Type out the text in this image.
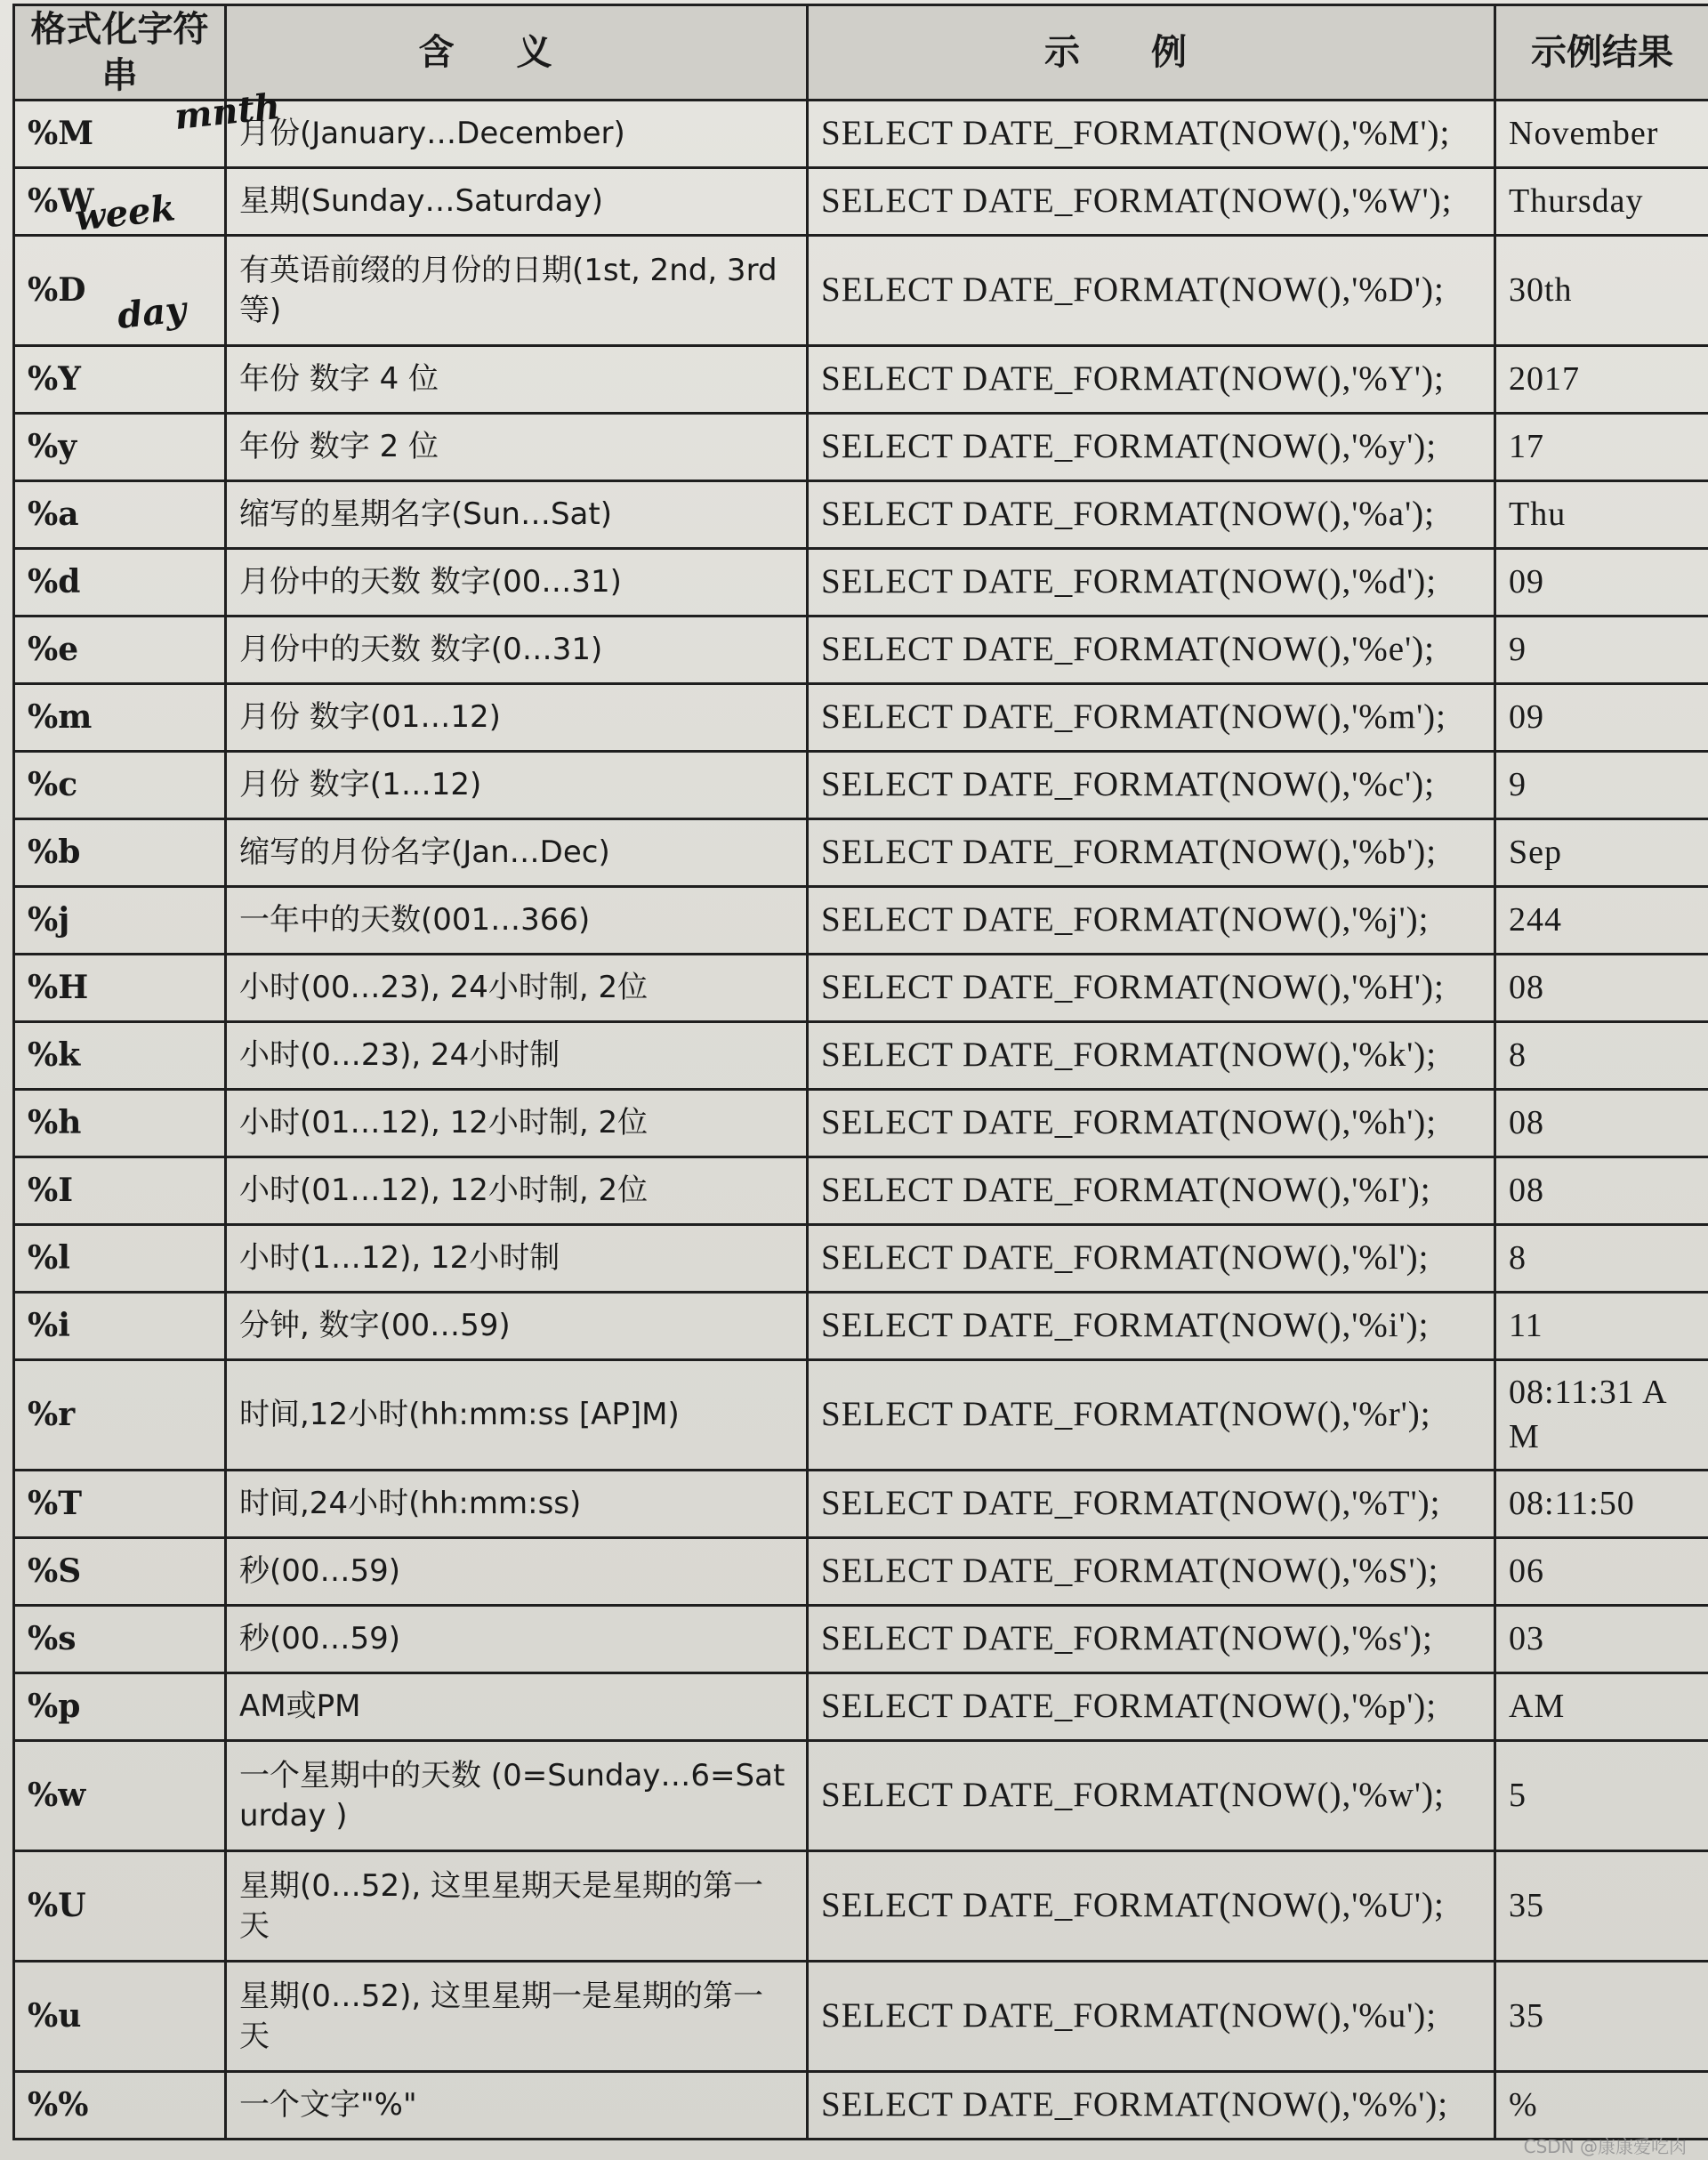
格式化字符串	含义	示例	示例结果
%M	月份(January…December)	SELECT DATE_FORMAT(NOW(),'%M');	November
%W	星期(Sunday…Saturday)	SELECT DATE_FORMAT(NOW(),'%W');	Thursday
%D	有英语前缀的月份的日期(1st, 2nd, 3rd等)	SELECT DATE_FORMAT(NOW(),'%D');	30th
%Y	年份 数字 4 位	SELECT DATE_FORMAT(NOW(),'%Y');	2017
%y	年份 数字 2 位	SELECT DATE_FORMAT(NOW(),'%y');	17
%a	缩写的星期名字(Sun…Sat)	SELECT DATE_FORMAT(NOW(),'%a');	Thu
%d	月份中的天数 数字(00…31)	SELECT DATE_FORMAT(NOW(),'%d');	09
%e	月份中的天数 数字(0…31)	SELECT DATE_FORMAT(NOW(),'%e');	9
%m	月份 数字(01…12)	SELECT DATE_FORMAT(NOW(),'%m');	09
%c	月份 数字(1…12)	SELECT DATE_FORMAT(NOW(),'%c');	9
%b	缩写的月份名字(Jan…Dec)	SELECT DATE_FORMAT(NOW(),'%b');	Sep
%j	一年中的天数(001…366)	SELECT DATE_FORMAT(NOW(),'%j');	244
%H	小时(00…23), 24小时制, 2位	SELECT DATE_FORMAT(NOW(),'%H');	08
%k	小时(0…23), 24小时制	SELECT DATE_FORMAT(NOW(),'%k');	8
%h	小时(01…12), 12小时制, 2位	SELECT DATE_FORMAT(NOW(),'%h');	08
%I	小时(01…12), 12小时制, 2位	SELECT DATE_FORMAT(NOW(),'%I');	08
%l	小时(1…12), 12小时制	SELECT DATE_FORMAT(NOW(),'%l');	8
%i	分钟, 数字(00…59)	SELECT DATE_FORMAT(NOW(),'%i');	11
%r	时间,12小时(hh:mm:ss [AP]M)	SELECT DATE_FORMAT(NOW(),'%r');	08:11:31 AM
%T	时间,24小时(hh:mm:ss)	SELECT DATE_FORMAT(NOW(),'%T');	08:11:50
%S	秒(00…59)	SELECT DATE_FORMAT(NOW(),'%S');	06
%s	秒(00…59)	SELECT DATE_FORMAT(NOW(),'%s');	03
%p	AM或PM	SELECT DATE_FORMAT(NOW(),'%p');	AM
%w	一个星期中的天数 (0=Sunday…6=Saturday )	SELECT DATE_FORMAT(NOW(),'%w');	5
%U	星期(0…52), 这里星期天是星期的第一天	SELECT DATE_FORMAT(NOW(),'%U');	35
%u	星期(0…52), 这里星期一是星期的第一天	SELECT DATE_FORMAT(NOW(),'%u');	35
%%	一个文字"%"	SELECT DATE_FORMAT(NOW(),'%%');	%
mnth
week
day
CSDN @康康爱吃肉
